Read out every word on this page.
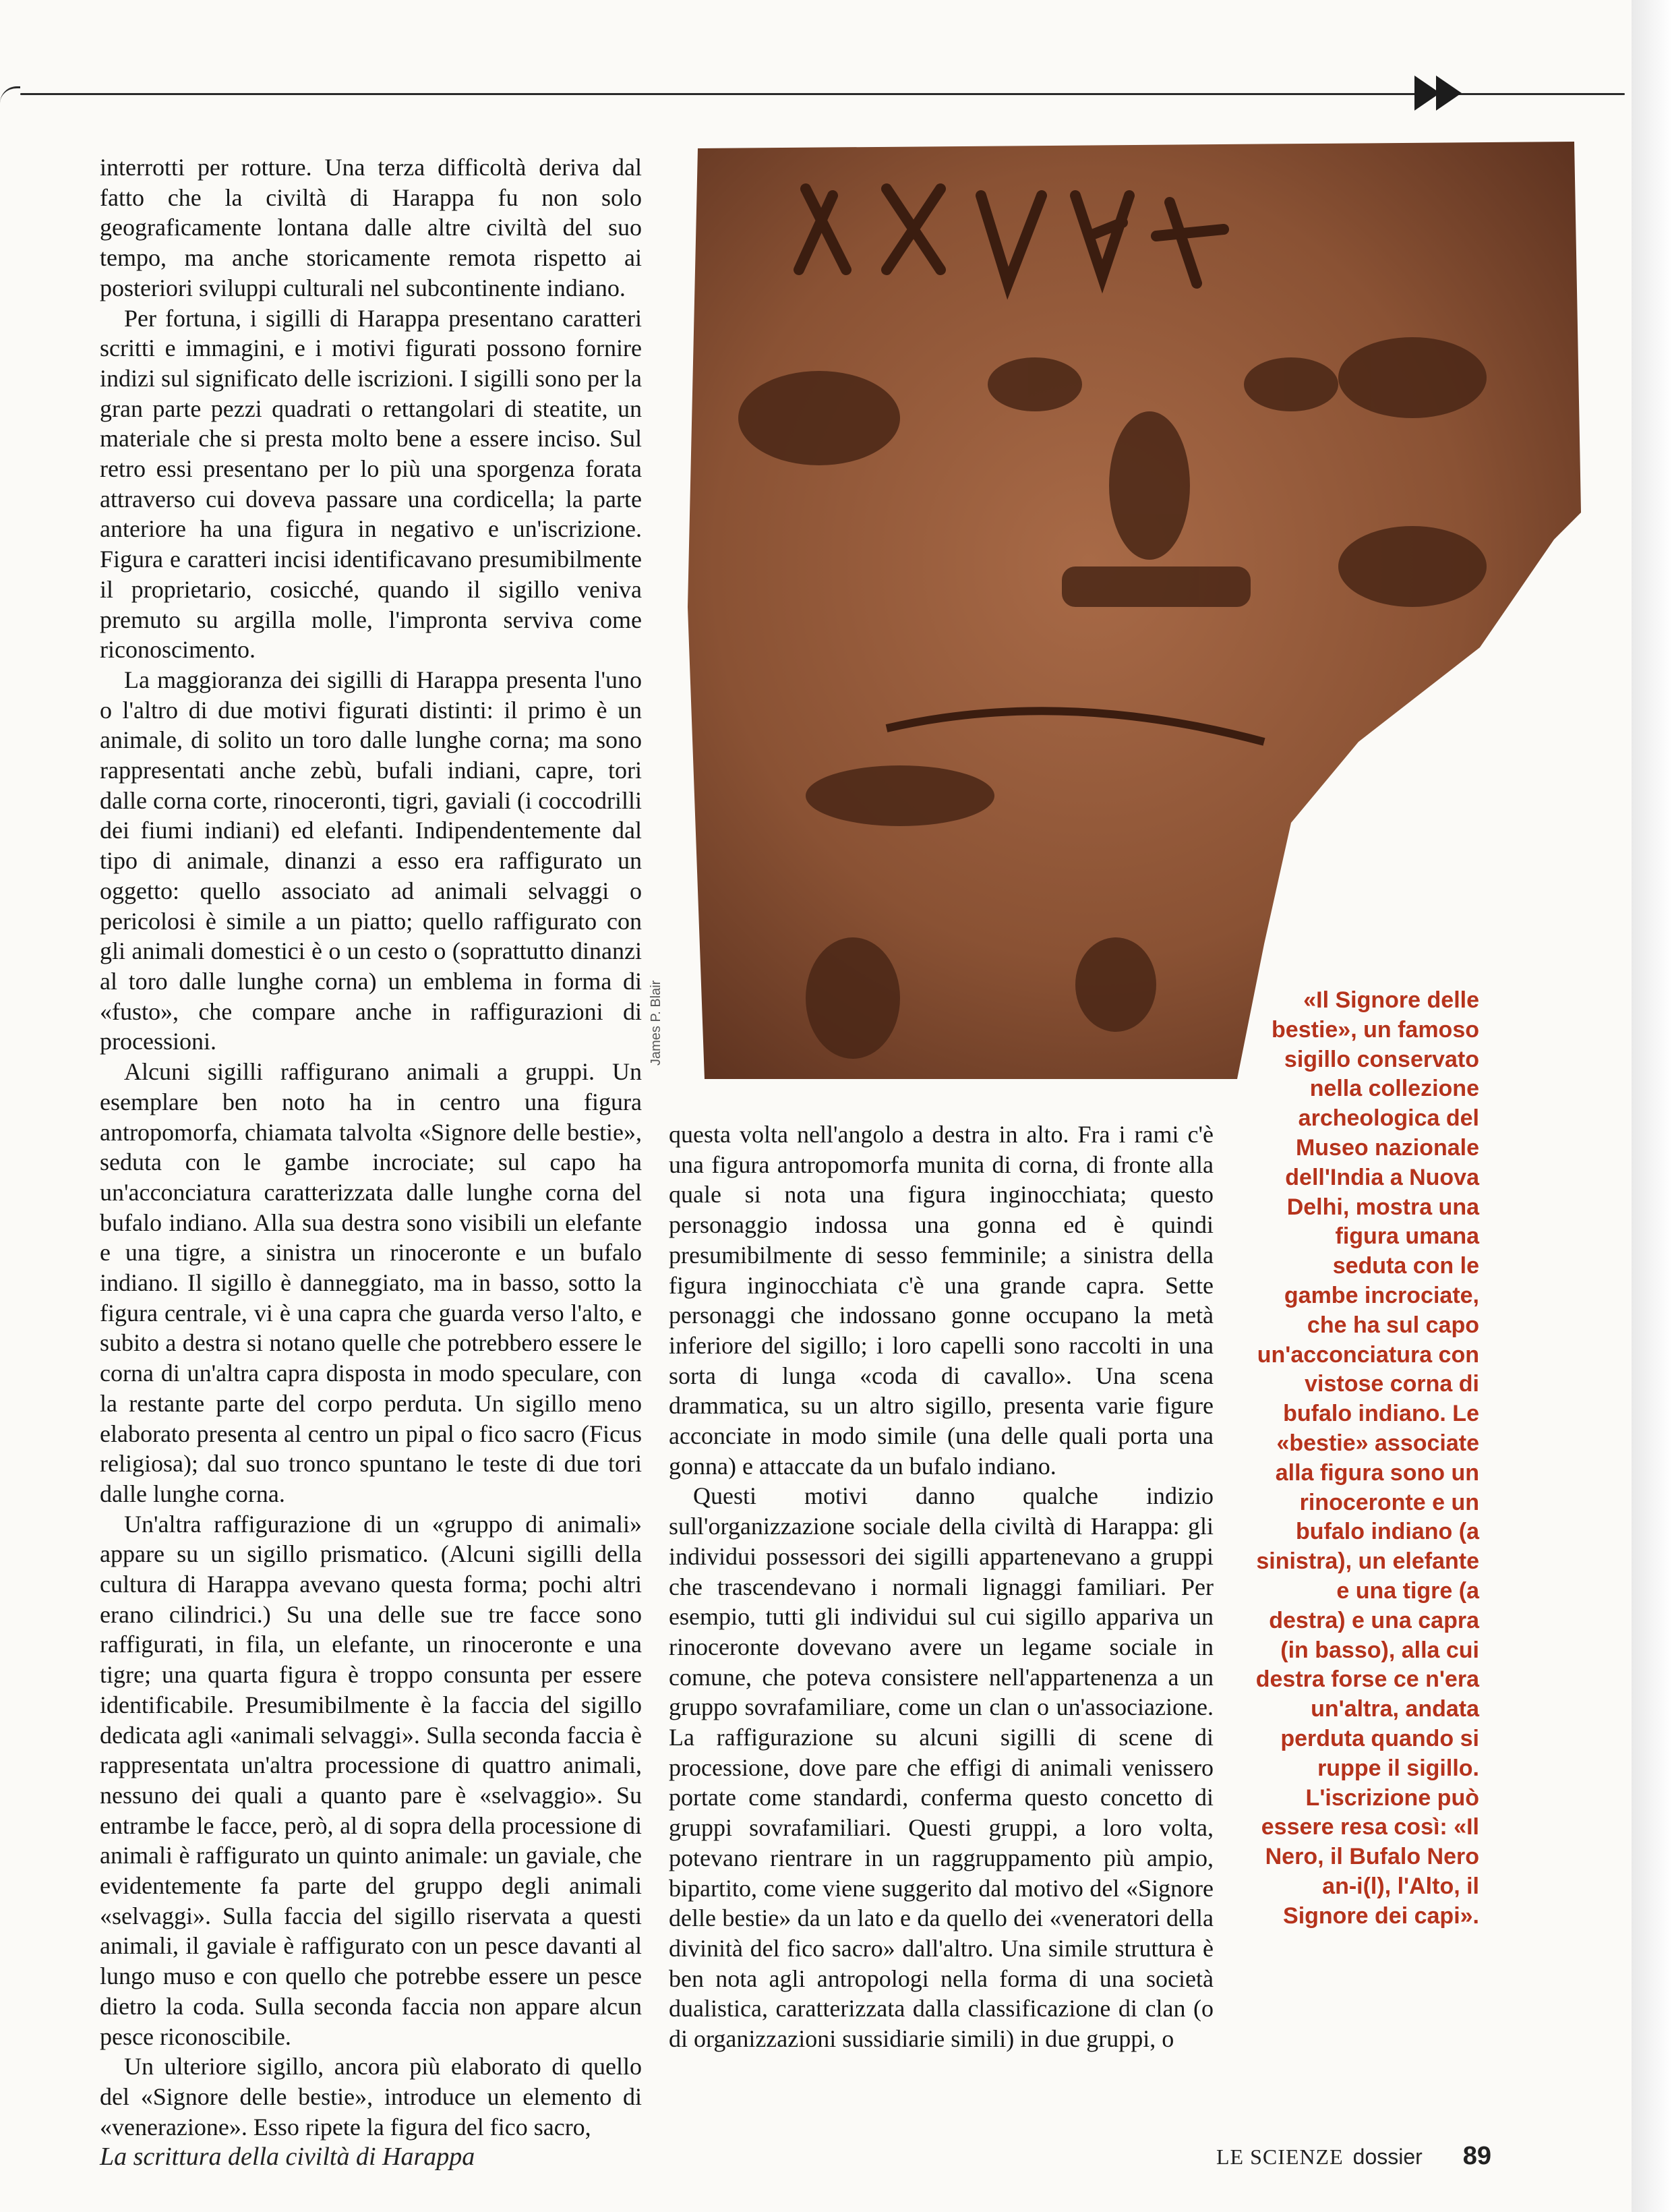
interrotti per rotture. Una terza difficoltà deriva dal fatto che la civiltà di Harappa fu non solo geograficamente lontana dalle altre civiltà del suo tempo, ma anche storicamente remota rispetto ai posteriori sviluppi culturali nel subcontinente indiano.

Per fortuna, i sigilli di Harappa presentano caratteri scritti e immagini, e i motivi figurati possono fornire indizi sul significato delle iscrizioni. I sigilli sono per la gran parte pezzi quadrati o rettangolari di steatite, un materiale che si presta molto bene a essere inciso. Sul retro essi presentano per lo più una sporgenza forata attraverso cui doveva passare una cordicella; la parte anteriore ha una figura in negativo e un'iscrizione. Figura e caratteri incisi identificavano presumibilmente il proprietario, cosicché, quando il sigillo veniva premuto su argilla molle, l'impronta serviva come riconoscimento.

La maggioranza dei sigilli di Harappa presenta l'uno o l'altro di due motivi figurati distinti: il primo è un animale, di solito un toro dalle lunghe corna; ma sono rappresentati anche zebù, bufali indiani, capre, tori dalle corna corte, rinoceronti, tigri, gaviali (i coccodrilli dei fiumi indiani) ed elefanti. Indipendentemente dal tipo di animale, dinanzi a esso era raffigurato un oggetto: quello associato ad animali selvaggi o pericolosi è simile a un piatto; quello raffigurato con gli animali domestici è o un cesto o (soprattutto dinanzi al toro dalle lunghe corna) un emblema in forma di «fusto», che compare anche in raffigurazioni di processioni.

Alcuni sigilli raffigurano animali a gruppi. Un esemplare ben noto ha in centro una figura antropomorfa, chiamata talvolta «Signore delle bestie», seduta con le gambe incrociate; sul capo ha un'acconciatura caratterizzata dalle lunghe corna del bufalo indiano. Alla sua destra sono visibili un elefante e una tigre, a sinistra un rinoceronte e un bufalo indiano. Il sigillo è danneggiato, ma in basso, sotto la figura centrale, vi è una capra che guarda verso l'alto, e subito a destra si notano quelle che potrebbero essere le corna di un'altra capra disposta in modo speculare, con la restante parte del corpo perduta. Un sigillo meno elaborato presenta al centro un pipal o fico sacro (Ficus religiosa); dal suo tronco spuntano le teste di due tori dalle lunghe corna.

Un'altra raffigurazione di un «gruppo di animali» appare su un sigillo prismatico. (Alcuni sigilli della cultura di Harappa avevano questa forma; pochi altri erano cilindrici.) Su una delle sue tre facce sono raffigurati, in fila, un elefante, un rinoceronte e una tigre; una quarta figura è troppo consunta per essere identificabile. Presumibilmente è la faccia del sigillo dedicata agli «animali selvaggi». Sulla seconda faccia è rappresentata un'altra processione di quattro animali, nessuno dei quali a quanto pare è «selvaggio». Su entrambe le facce, però, al di sopra della processione di animali è raffigurato un quinto animale: un gaviale, che evidentemente fa parte del gruppo degli animali «selvaggi». Sulla faccia del sigillo riservata a questi animali, il gaviale è raffigurato con un pesce davanti al lungo muso e con quello che potrebbe essere un pesce dietro la coda. Sulla seconda faccia non appare alcun pesce riconoscibile.

Un ulteriore sigillo, ancora più elaborato di quello del «Signore delle bestie», introduce un elemento di «venerazione». Esso ripete la figura del fico sacro,

James P. Blair

questa volta nell'angolo a destra in alto. Fra i rami c'è una figura antropomorfa munita di corna, di fronte alla quale si nota una figura inginocchiata; questo personaggio indossa una gonna ed è quindi presumibilmente di sesso femminile; a sinistra della figura inginocchiata c'è una grande capra. Sette personaggi che indossano gonne occupano la metà inferiore del sigillo; i loro capelli sono raccolti in una sorta di lunga «coda di cavallo». Una scena drammatica, su un altro sigillo, presenta varie figure acconciate in modo simile (una delle quali porta una gonna) e attaccate da un bufalo indiano.

Questi motivi danno qualche indizio sull'organizzazione sociale della civiltà di Harappa: gli individui possessori dei sigilli appartenevano a gruppi che trascendevano i normali lignaggi familiari. Per esempio, tutti gli individui sul cui sigillo appariva un rinoceronte dovevano avere un legame sociale in comune, che poteva consistere nell'appartenenza a un gruppo sovrafamiliare, come un clan o un'associazione. La raffigurazione su alcuni sigilli di scene di processione, dove pare che effigi di animali venissero portate come standardi, conferma questo concetto di gruppi sovrafamiliari. Questi gruppi, a loro volta, potevano rientrare in un raggruppamento più ampio, bipartito, come viene suggerito dal motivo del «Signore delle bestie» da un lato e da quello dei «veneratori della divinità del fico sacro» dall'altro. Una simile struttura è ben nota agli antropologi nella forma di una società dualistica, caratterizzata dalla classificazione di clan (o di organizzazioni sussidiarie simili) in due gruppi, o

«Il Signore delle bestie», un famoso sigillo conservato nella collezione archeologica del Museo nazionale dell'India a Nuova Delhi, mostra una figura umana seduta con le gambe incrociate, che ha sul capo un'acconciatura con vistose corna di bufalo indiano. Le «bestie» associate alla figura sono un rinoceronte e un bufalo indiano (a sinistra), un elefante e una tigre (a destra) e una capra (in basso), alla cui destra forse ce n'era un'altra, andata perduta quando si ruppe il sigillo. L'iscrizione può essere resa così: «Il Nero, il Bufalo Nero an-i(l), l'Alto, il Signore dei capi».
La scrittura della civiltà di Harappa	LE SCIENZE dossier 89
